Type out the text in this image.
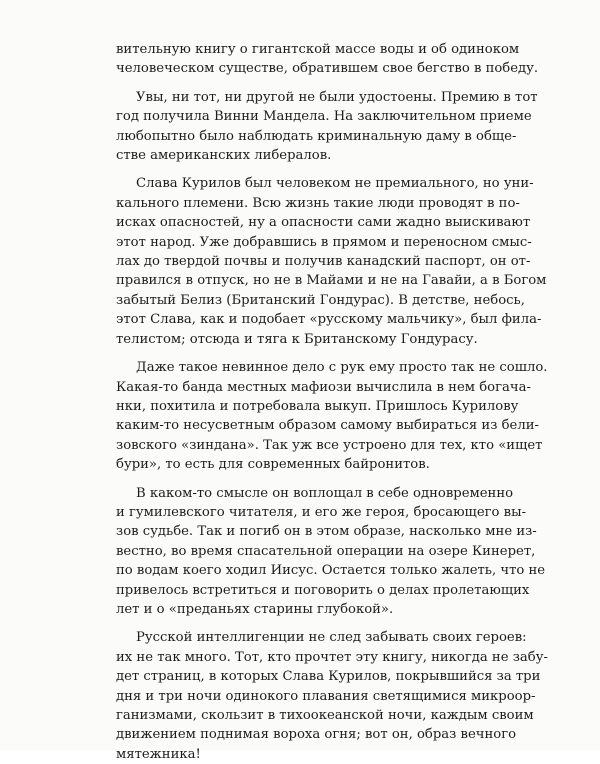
вительную книгу о гигантской массе воды и об одиноком
человеческом существе, обратившем свое бегство в победу.
Увы, ни тот, ни другой не были удостоены. Премию в тот
год получила Винни Мандела. На заключительном приеме
любопытно было наблюдать криминальную даму в обще-
стве американских либералов.
Слава Курилов был человеком не премиального, но уни-
кального племени. Всю жизнь такие люди проводят в по-
исках опасностей, ну а опасности сами жадно выискивают
этот народ. Уже добравшись в прямом и переносном смыс-
лах до твердой почвы и получив канадский паспорт, он от-
правился в отпуск, но не в Майами и не на Гавайи, а в Богом
забытый Белиз (Британский Гондурас). В детстве, небось,
этот Слава, как и подобает «русскому мальчику», был фила-
телистом; отсюда и тяга к Британскому Гондурасу.
Даже такое невинное дело с рук ему просто так не сошло.
Какая-то банда местных мафиози вычислила в нем богача-
нки, похитила и потребовала выкуп. Пришлось Курилову
каким-то несусветным образом самому выбираться из бели-
зовского «зиндана». Так уж все устроено для тех, кто «ищет
бури», то есть для современных байронитов.
В каком-то смысле он воплощал в себе одновременно
и гумилевского читателя, и его же героя, бросающего вы-
зов судьбе. Так и погиб он в этом образе, насколько мне из-
вестно, во время спасательной операции на озере Кинерет,
по водам коего ходил Иисус. Остается только жалеть, что не
привелось встретиться и поговорить о делах пролетающих
лет и о «преданьях старины глубокой».
Русской интеллигенции не след забывать своих героев:
их не так много. Тот, кто прочтет эту книгу, никогда не забу-
дет страниц, в которых Слава Курилов, покрывшийся за три
дня и три ночи одинокого плавания светящимися микроор-
ганизмами, скользит в тихоокеанской ночи, каждым своим
движением поднимая вороха огня; вот он, образ вечного
мятежника!
